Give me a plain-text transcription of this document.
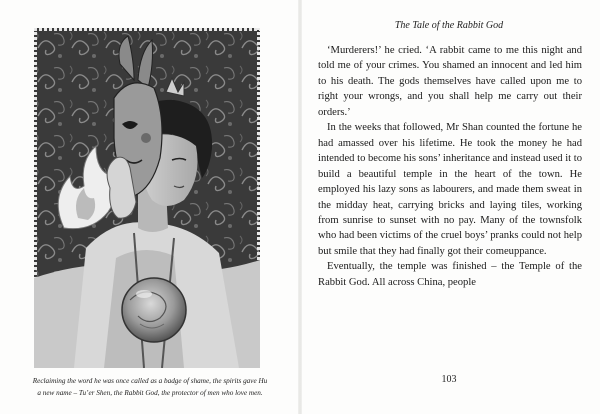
Reclaiming the word he was once called as a badge of shame, the spirits gave Hu
a new name – Tu’er Shen, the Rabbit God, the protector of men who love men.
The Tale of the Rabbit God

‘Murderers!’ he cried. ‘A rabbit came to me this night and told me of your crimes. You shamed an innocent and led him to his death. The gods themselves have called upon me to right your wrongs, and you shall help me carry out their orders.’

In the weeks that followed, Mr Shan counted the fortune he had amassed over his lifetime. He took the money he had intended to become his sons’ inheritance and instead used it to build a beautiful temple in the heart of the town. He employed his lazy sons as labourers, and made them sweat in the midday heat, carrying bricks and laying tiles, working from sunrise to sunset with no pay. Many of the townsfolk who had been victims of the cruel boys’ pranks could not help but smile that they had finally got their comeuppance.

Eventually, the temple was finished – the Temple of the Rabbit God. All across China, people

103
